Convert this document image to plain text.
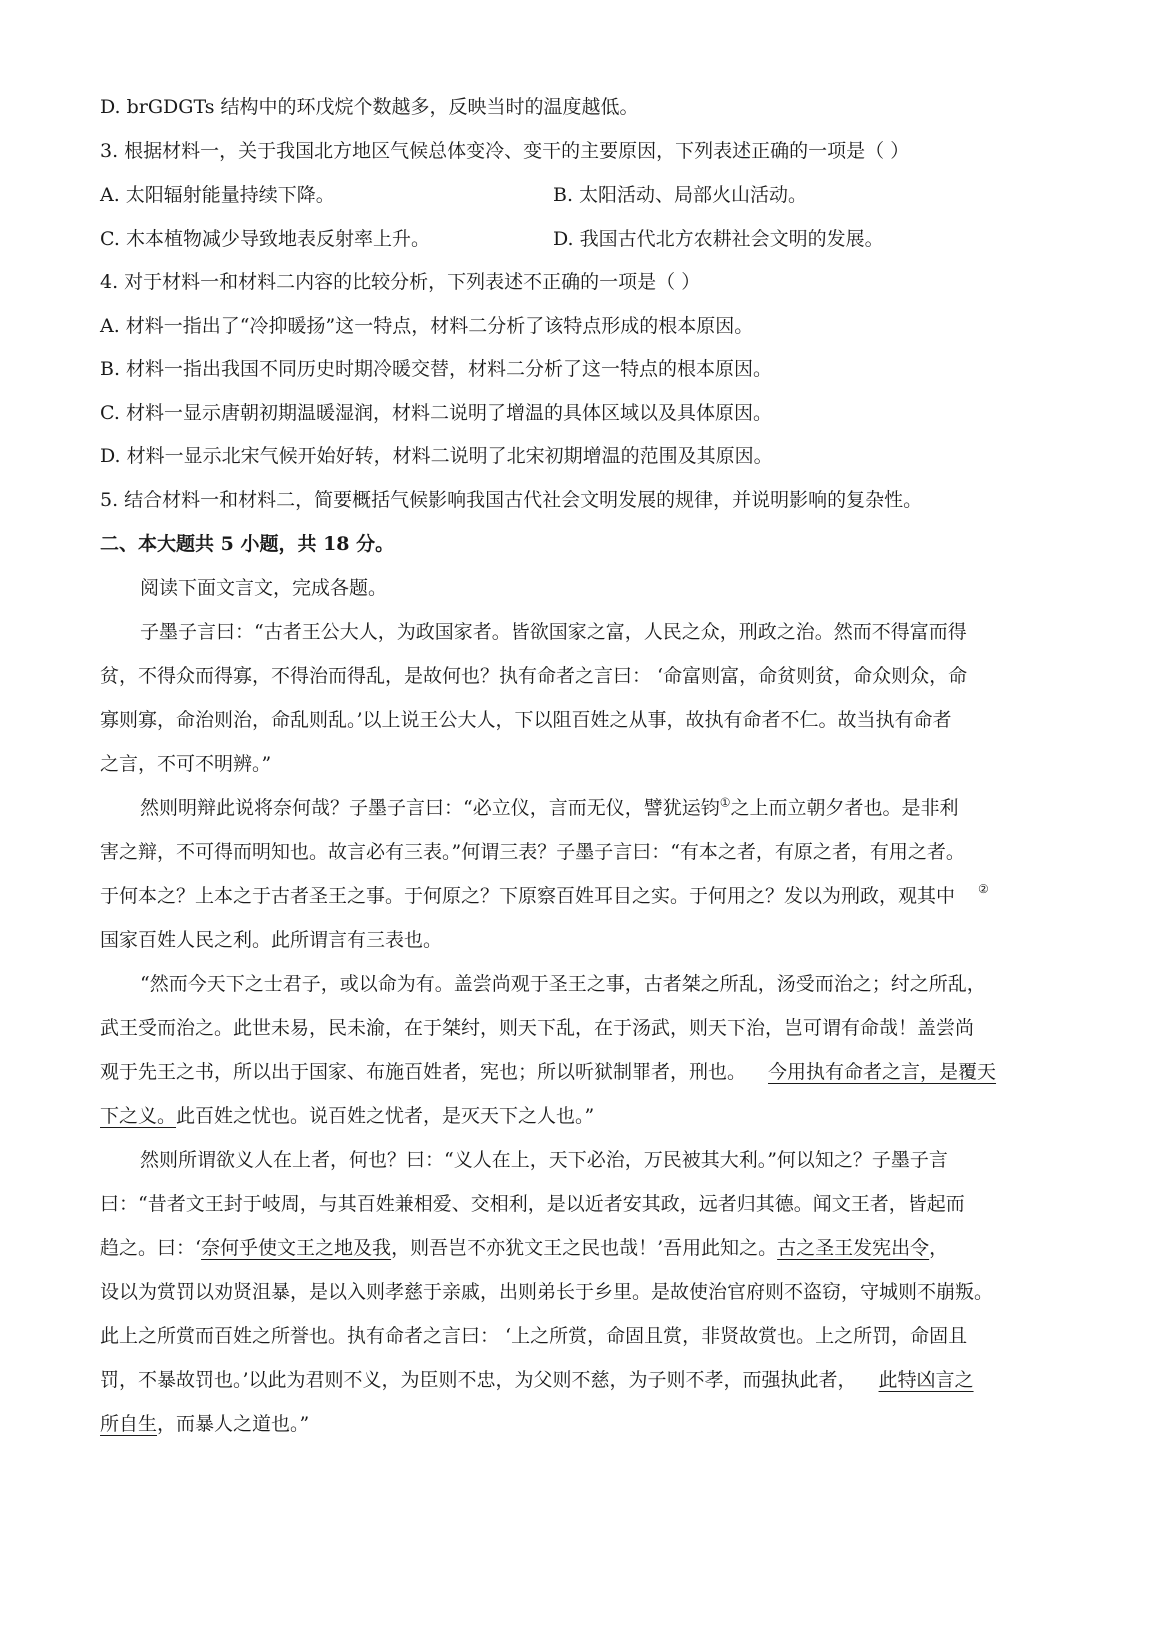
D. brGDGTs 结构中的环戊烷个数越多，反映当时的温度越低。
3. 根据材料一，关于我国北方地区气候总体变冷、变干的主要原因，下列表述正确的一项是（ ）
A. 太阳辐射能量持续下降。	B. 太阳活动、局部火山活动。
C. 木本植物减少导致地表反射率上升。	D. 我国古代北方农耕社会文明的发展。
4. 对于材料一和材料二内容的比较分析，下列表述不正确的一项是（ ）
A. 材料一指出了“冷抑暖扬”这一特点，材料二分析了该特点形成的根本原因。
B. 材料一指出我国不同历史时期冷暖交替，材料二分析了这一特点的根本原因。
C. 材料一显示唐朝初期温暖湿润，材料二说明了增温的具体区域以及具体原因。
D. 材料一显示北宋气候开始好转，材料二说明了北宋初期增温的范围及其原因。
5. 结合材料一和材料二，简要概括气候影响我国古代社会文明发展的规律，并说明影响的复杂性。
二、本大题共 5 小题，共 18 分。
阅读下面文言文，完成各题。
子墨子言曰：“古者王公大人，为政国家者。皆欲国家之富，人民之众，刑政之治。然而不得富而得
贫，不得众而得寡，不得治而得乱，是故何也？执有命者之言曰： ‘命富则富，命贫则贫，命众则众，命
寡则寡，命治则治，命乱则乱。’以上说王公大人，下以阻百姓之从事，故执有命者不仁。故当执有命者
之言，不可不明辨。”
然则明辩此说将奈何哉？子墨子言曰：“必立仪，言而无仪，譬犹运钧①之上而立朝夕者也。是非利
害之辩，不可得而明知也。故言必有三表。”何谓三表？子墨子言曰：“有本之者，有原之者，有用之者。
于何本之？上本之于古者圣王之事。于何原之？下原察百姓耳目之实。于何用之？发以为刑政，观其中 ②
国家百姓人民之利。此所谓言有三表也。
“然而今天下之士君子，或以命为有。盖尝尚观于圣王之事，古者桀之所乱，汤受而治之；纣之所乱，
武王受而治之。此世未易，民未渝，在于桀纣，则天下乱，在于汤武，则天下治，岂可谓有命哉！盖尝尚
观于先王之书，所以出于国家、布施百姓者，宪也；所以听狱制罪者，刑也。 今用执有命者之言，是覆天
下之义。此百姓之忧也。说百姓之忧者，是灭天下之人也。”
然则所谓欲义人在上者，何也？曰：“义人在上，天下必治，万民被其大利。”何以知之？子墨子言
曰：“昔者文王封于岐周，与其百姓兼相爱、交相利，是以近者安其政，远者归其德。闻文王者，皆起而
趋之。曰：‘奈何乎使文王之地及我，则吾岂不亦犹文王之民也哉！’吾用此知之。古之圣王发宪出令，
设以为赏罚以劝贤沮暴，是以入则孝慈于亲戚，出则弟长于乡里。是故使治官府则不盗窃，守城则不崩叛。
此上之所赏而百姓之所誉也。执有命者之言曰： ‘上之所赏，命固且赏，非贤故赏也。上之所罚，命固且
罚，不暴故罚也。’以此为君则不义，为臣则不忠，为父则不慈，为子则不孝，而强执此者， 此特凶言之
所自生，而暴人之道也。”
